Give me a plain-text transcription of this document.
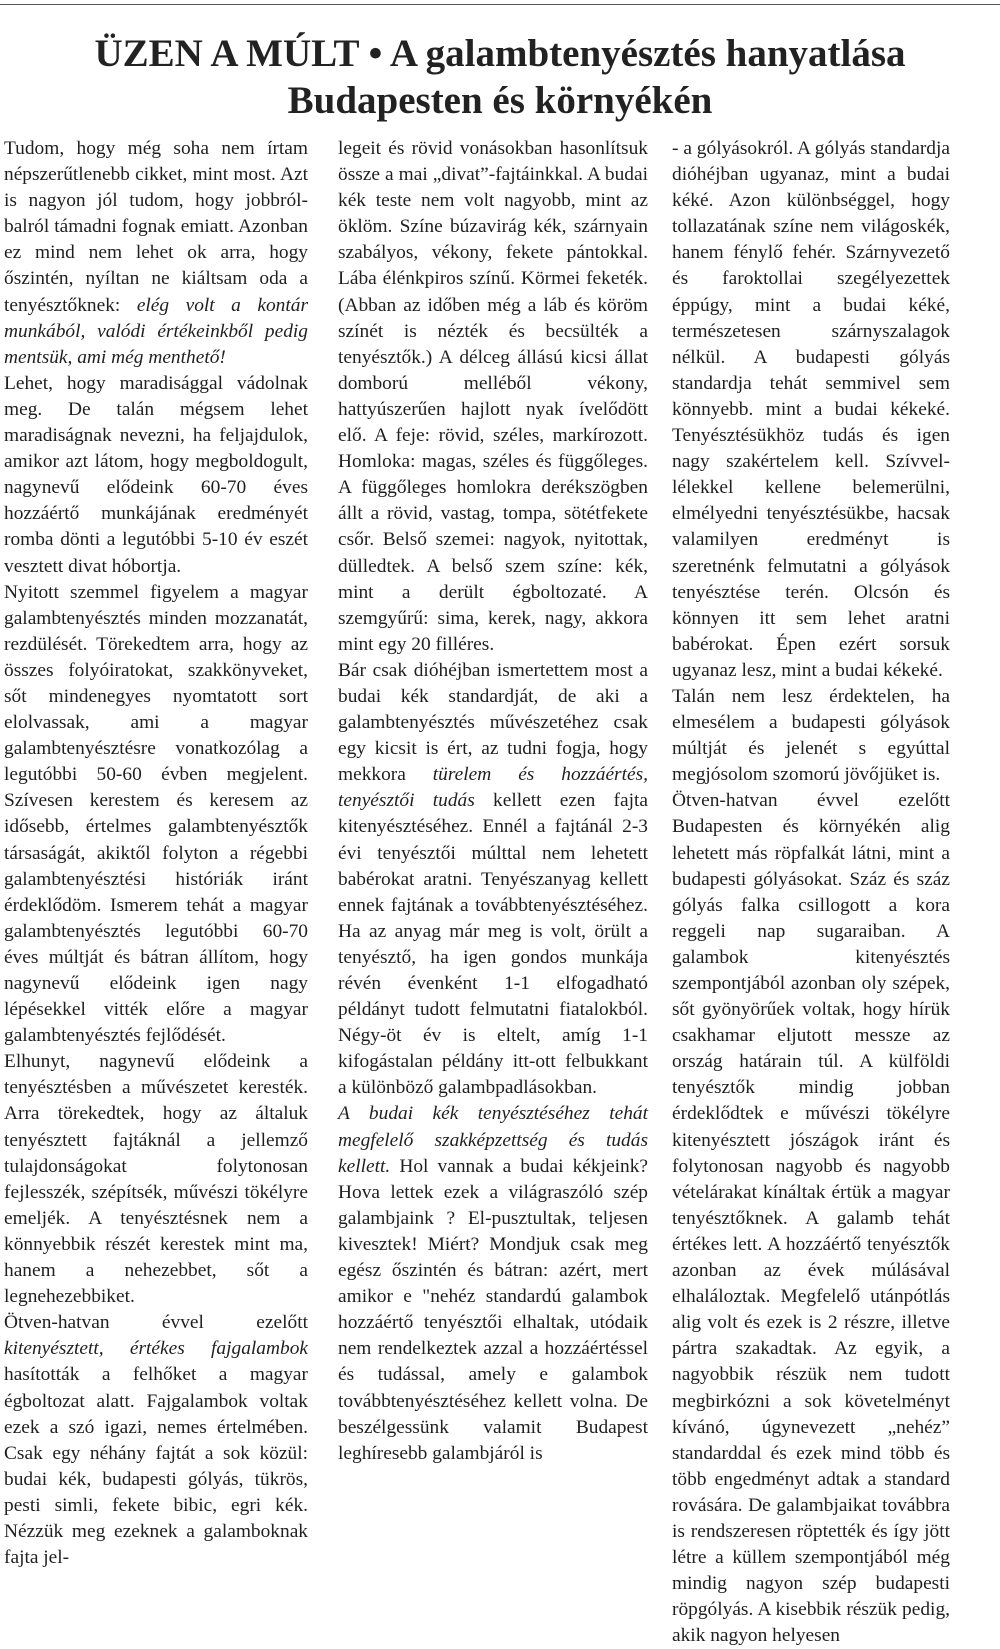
ÜZEN A MÚLT • A galambtenyésztés hanyatlása
Budapesten és környékén

Tudom, hogy még soha nem írtam népszerűtlenebb cikket, mint most. Azt is nagyon jól tudom, hogy jobbról-balról támadni fognak emiatt. Azonban ez mind nem lehet ok arra, hogy őszintén, nyíltan ne kiáltsam oda a tenyésztőknek: elég volt a kontár munkából, valódi értékeinkből pedig mentsük, ami még menthető!
Lehet, hogy maradisággal vádolnak meg. De talán mégsem lehet maradiságnak nevezni, ha feljajdulok, amikor azt látom, hogy megboldogult, nagynevű elődeink 60-70 éves hozzáértő munkájának eredményét romba dönti a legutóbbi 5-10 év eszét vesztett divat hóbortja.
Nyitott szemmel figyelem a magyar galambtenyésztés minden mozzanatát, rezdülését. Törekedtem arra, hogy az összes folyóiratokat, szakkönyveket, sőt mindenegyes nyomtatott sort elolvassak, ami a magyar galambtenyésztésre vonatkozólag a legutóbbi 50-60 évben megjelent. Szívesen kerestem és keresem az idősebb, értelmes galambtenyésztők társaságát, akiktől folyton a régebbi galambtenyésztési históriák iránt érdeklődöm. Ismerem tehát a magyar galambtenyésztés legutóbbi 60-70 éves múltját és bátran állítom, hogy nagynevű elődeink igen nagy lépésekkel vitték előre a magyar galambtenyésztés fejlődését.
Elhunyt, nagynevű elődeink a tenyésztésben a művészetet keresték. Arra törekedtek, hogy az általuk tenyésztett fajtáknál a jellemző tulajdonságokat folytonosan fejlesszék, szépítsék, művészi tökélyre emeljék. A tenyésztésnek nem a könnyebbik részét kerestek mint ma, hanem a nehezebbet, sőt a legnehezebbiket.
Ötven-hatvan évvel ezelőtt kitenyésztett, értékes fajgalambok hasították a felhőket a magyar égboltozat alatt. Fajgalambok voltak ezek a szó igazi, nemes értelmében. Csak egy néhány fajtát a sok közül: budai kék, budapesti gólyás, tükrös, pesti simli, fekete bibic, egri kék. Nézzük meg ezeknek a galamboknak fajta jel-

legeit és rövid vonásokban hasonlítsuk össze a mai „divat”-fajtáinkkal. A budai kék teste nem volt nagyobb, mint az öklöm. Színe búzavirág kék, szárnyain szabályos, vékony, fekete pántokkal. Lába élénkpiros színű. Körmei feketék. (Abban az időben még a láb és köröm színét is nézték és becsülték a tenyésztők.) A délceg állású kicsi állat domború melléből vékony, hattyúszerűen hajlott nyak ívelődött elő. A feje: rövid, széles, markírozott. Homloka: magas, széles és függőleges. A függőleges homlokra derékszögben állt a rövid, vastag, tompa, sötétfekete csőr. Belső szemei: nagyok, nyitottak, dülledtek. A belső szem színe: kék, mint a derült égboltozaté. A szemgyűrű: sima, kerek, nagy, akkora mint egy 20 filléres.
Bár csak dióhéjban ismertettem most a budai kék standardját, de aki a galambtenyésztés művészetéhez csak egy kicsit is ért, az tudni fogja, hogy mekkora türelem és hozzáértés, tenyésztői tudás kellett ezen fajta kitenyésztéséhez. Ennél a fajtánál 2-3 évi tenyésztői múlttal nem lehetett babérokat aratni. Tenyészanyag kellett ennek fajtának a továbbtenyésztéséhez. Ha az anyag már meg is volt, örült a tenyésztő, ha igen gondos munkája révén évenként 1-1 elfogadható példányt tudott felmutatni fiatalokból. Négy-öt év is eltelt, amíg 1-1 kifogástalan példány itt-ott felbukkant a különböző galambpadlásokban.
A budai kék tenyésztéséhez tehát megfelelő szakképzettség és tudás kellett. Hol vannak a budai kékjeink? Hova lettek ezek a világraszóló szép galambjaink ? El-pusztultak, teljesen kivesztek! Miért? Mondjuk csak meg egész őszintén és bátran: azért, mert amikor e "nehéz standardú galambok hozzáértő tenyésztői elhaltak, utódaik nem rendelkeztek azzal a hozzáértéssel és tudással, amely e galambok továbbtenyésztéséhez kellett volna. De beszélgessünk valamit Budapest leghíresebb galambjáról is

- a gólyásokról. A gólyás standardja dióhéjban ugyanaz, mint a budai kéké. Azon különbséggel, hogy tollazatának színe nem világoskék, hanem fénylő fehér. Szárnyvezető és faroktollai szegélyezettek éppúgy, mint a budai kéké, természetesen szárnyszalagok nélkül. A budapesti gólyás standardja tehát semmivel sem könnyebb. mint a budai kékeké. Tenyésztésükhöz tudás és igen nagy szakértelem kell. Szívvel-lélekkel kellene belemerülni, elmélyedni tenyésztésükbe, hacsak valamilyen eredményt is szeretnénk felmutatni a gólyások tenyésztése terén. Olcsón és könnyen itt sem lehet aratni babérokat. Épen ezért sorsuk ugyanaz lesz, mint a budai kékeké.
Talán nem lesz érdektelen, ha elmesélem a budapesti gólyások múltját és jelenét s egyúttal megjósolom szomorú jövőjüket is.
Ötven-hatvan évvel ezelőtt Budapesten és környékén alig lehetett más röpfalkát látni, mint a budapesti gólyásokat. Száz és száz gólyás falka csillogott a kora reggeli nap sugaraiban. A galambok kitenyésztés szempontjából azonban oly szépek, sőt gyönyörűek voltak, hogy hírük csakhamar eljutott messze az ország határain túl. A külföldi tenyésztők mindig jobban érdeklődtek e művészi tökélyre kitenyésztett jószágok iránt és folytonosan nagyobb és nagyobb vételárakat kínáltak értük a magyar tenyésztőknek. A galamb tehát értékes lett. A hozzáértő tenyésztők azonban az évek múlásával elhalálоztak. Megfelelő utánpótlás alig volt és ezek is 2 részre, illetve pártra szakadtak. Az egyik, a nagyobbik részük nem tudott megbirkózni a sok követelményt kívánó, úgynevezett „nehéz” standarddal és ezek mind több és több engedményt adtak a standard rovására. De galambjaikat továbbra is rendszeresen röptették és így jött létre a küllem szempontjából még mindig nagyon szép budapesti röpgólyás. A kisebbik részük pedig, akik nagyon helyesen
